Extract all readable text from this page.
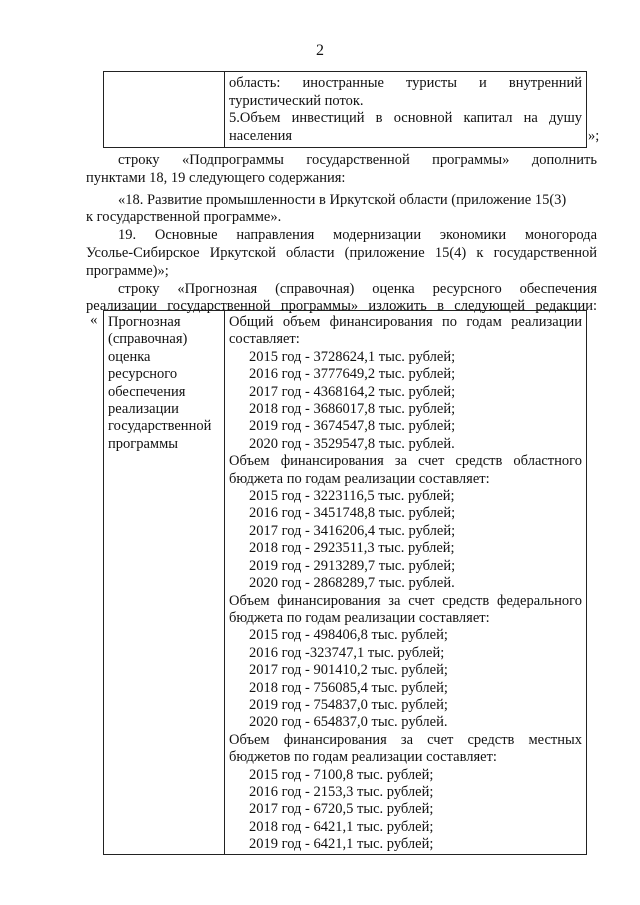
2

область: иностранные туристы и внутренний
туристический поток.
5.Объем инвестиций в основной капитал на душу
населения	»;
строку «Подпрограммы государственной программы» дополнить
пунктами 18, 19 следующего содержания:
«18. Развитие промышленности в Иркутской области (приложение 15(3)
к государственной программе».
19. Основные направления модернизации экономики моногорода
Усолье-Сибирское Иркутской области (приложение 15(4) к государственной
программе)»;
строку «Прогнозная (справочная) оценка ресурсного обеспечения
реализации государственной программы» изложить в следующей редакции:
« Прогнозная
(справочная)
оценка
ресурсного
обеспечения
реализации
государственной
программы

Общий объем финансирования по годам реализации
составляет:
2015 год - 3728624,1 тыс. рублей;
2016 год - 3777649,2 тыс. рублей;
2017 год - 4368164,2 тыс. рублей;
2018 год - 3686017,8 тыс. рублей;
2019 год - 3674547,8 тыс. рублей;
2020 год - 3529547,8 тыс. рублей.
Объем финансирования за счет средств областного
бюджета по годам реализации составляет:
2015 год - 3223116,5 тыс. рублей;
2016 год - 3451748,8 тыс. рублей;
2017 год - 3416206,4 тыс. рублей;
2018 год - 2923511,3 тыс. рублей;
2019 год - 2913289,7 тыс. рублей;
2020 год - 2868289,7 тыс. рублей.
Объем финансирования за счет средств федерального
бюджета по годам реализации составляет:
2015 год - 498406,8 тыс. рублей;
2016 год -323747,1 тыс. рублей;
2017 год - 901410,2 тыс. рублей;
2018 год - 756085,4 тыс. рублей;
2019 год - 754837,0 тыс. рублей;
2020 год - 654837,0 тыс. рублей.
Объем финансирования за счет средств местных
бюджетов по годам реализации составляет:
2015 год - 7100,8 тыс. рублей;
2016 год - 2153,3 тыс. рублей;
2017 год - 6720,5 тыс. рублей;
2018 год - 6421,1 тыс. рублей;
2019 год - 6421,1 тыс. рублей;
